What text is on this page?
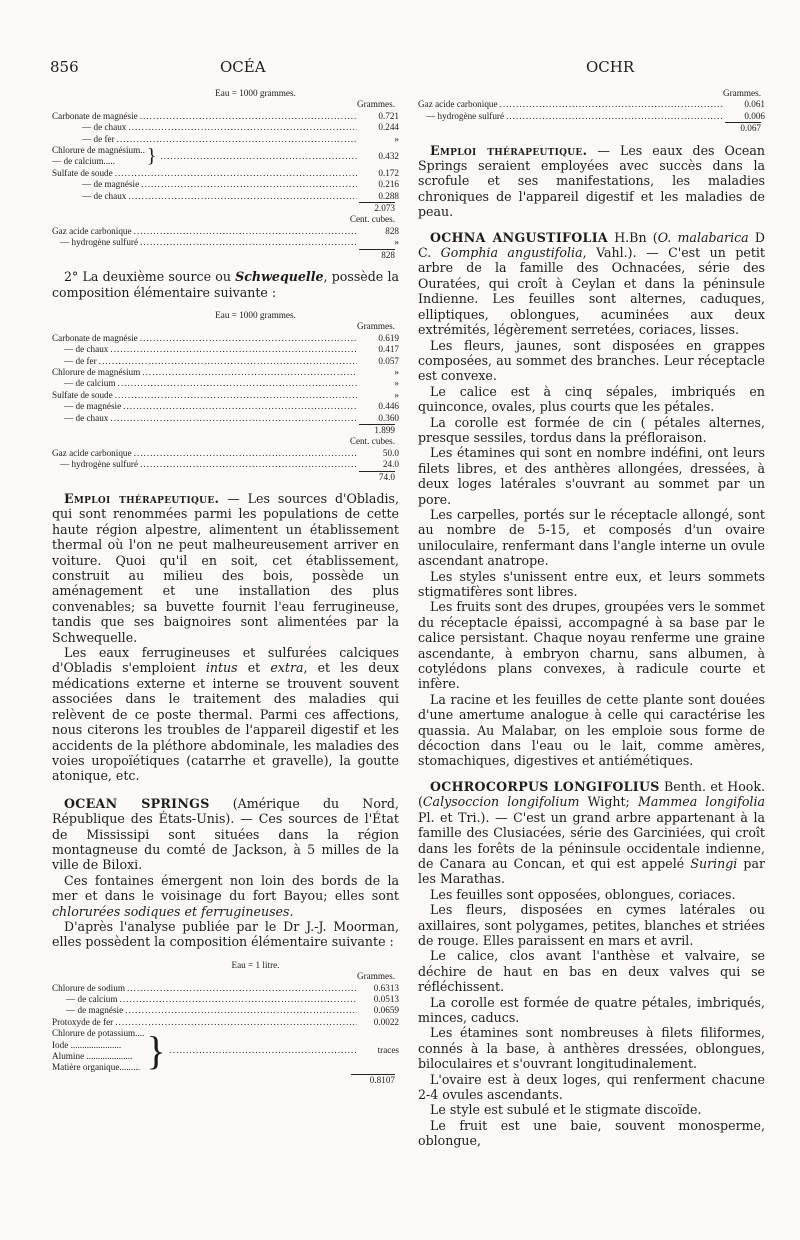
856	OCÉA	OCHR
Eau = 1000 grammes.
Grammes.
Carbonate de magnésie .....	0.721
— de chaux .....	0.244
— de fer .....	»
Chlorure de magnésium..
— de calcium.....	} .....	0.432
Sulfate de soude .....	0.172
— de magnésie .....	0.216
— de chaux .....	0.288
2.073
Cent. cubes.
Gaz acide carbonique .....	828
— hydrogène sulfuré .....	»
828

2° La deuxième source ou Schwequelle, possède la composition élémentaire suivante :

Eau = 1000 grammes.
Grammes.
Carbonate de magnésie .....	0.619
— de chaux .....	0.417
— de fer .....	0.057
Chlorure de magnésium .....	»
— de calcium .....	»
Sulfate de soude .....	»
— de magnésie .....	0.446
— de chaux .....	0.360
1.899
Cent. cubes.
Gaz acide carbonique .....	50.0
— hydrogène sulfuré .....	24.0
74.0

Emploi thérapeutique. — Les sources d'Obladis, qui sont renommées parmi les populations de cette haute région alpestre, alimentent un établissement thermal où l'on ne peut malheureusement arriver en voiture. Quoi qu'il en soit, cet établissement, construit au milieu des bois, possède un aménagement et une installation des plus convenables; sa buvette fournit l'eau ferrugineuse, tandis que ses baignoires sont alimentées par la Schwequelle.

Les eaux ferrugineuses et sulfurées calciques d'Obladis s'emploient intus et extra, et les deux médications externe et interne se trouvent souvent associées dans le traitement des maladies qui relèvent de ce poste thermal. Parmi ces affections, nous citerons les troubles de l'appareil digestif et les accidents de la pléthore abdominale, les maladies des voies uropoïétiques (catarrhe et gravelle), la goutte atonique, etc.

OCEAN SPRINGS (Amérique du Nord, République des États-Unis). — Ces sources de l'État de Mississipi sont situées dans la région montagneuse du comté de Jackson, à 5 milles de la ville de Biloxi.

Ces fontaines émergent non loin des bords de la mer et dans le voisinage du fort Bayou; elles sont chlorurées sodiques et ferrugineuses.

D'après l'analyse publiée par le Dr J.-J. Moorman, elles possèdent la composition élémentaire suivante :

Eau = 1 litre.
Grammes.
Chlorure de sodium .....	0.6313
— de calcium .....	0.0513
— de magnésie .....	0.0659
Protoxyde de fer .....	0.0022
Chlorure de potassium....
Iode ......................
Alumine ....................
Matière organique......... } .....	traces
0.8107
Grammes.
Gaz acide carbonique .....	0.061
— hydrogène sulfuré .....	0.006
0.067

Emploi thérapeutique. — Les eaux des Ocean Springs seraient employées avec succès dans la scrofule et ses manifestations, les maladies chroniques de l'appareil digestif et les maladies de peau.

OCHNA ANGUSTIFOLIA H.Bn (O. malabarica D C. Gomphia angustifolia, Vahl.). — C'est un petit arbre de la famille des Ochnacées, série des Ouratées, qui croît à Ceylan et dans la péninsule Indienne. Les feuilles sont alternes, caduques, elliptiques, oblongues, acuminées aux deux extrémités, légèrement serretées, coriaces, lisses.

Les fleurs, jaunes, sont disposées en grappes composées, au sommet des branches. Leur réceptacle est convexe.

Le calice est à cinq sépales, imbriqués en quinconce, ovales, plus courts que les pétales.

La corolle est formée de cin ( pétales alternes, presque sessiles, tordus dans la préfloraison.

Les étamines qui sont en nombre indéfini, ont leurs filets libres, et des anthères allongées, dressées, à deux loges latérales s'ouvrant au sommet par un pore.

Les carpelles, portés sur le réceptacle allongé, sont au nombre de 5-15, et composés d'un ovaire uniloculaire, renfermant dans l'angle interne un ovule ascendant anatrope.

Les styles s'unissent entre eux, et leurs sommets stigmatifères sont libres.

Les fruits sont des drupes, groupées vers le sommet du réceptacle épaissi, accompagné à sa base par le calice persistant. Chaque noyau renferme une graine ascendante, à embryon charnu, sans albumen, à cotylédons plans convexes, à radicule courte et infère.

La racine et les feuilles de cette plante sont douées d'une amertume analogue à celle qui caractérise les quassia. Au Malabar, on les emploie sous forme de décoction dans l'eau ou le lait, comme amères, stomachiques, digestives et antiémétiques.

OCHROCORPUS LONGIFOLIUS Benth. et Hook. (Calysoccion longifolium Wight; Mammea longifolia Pl. et Tri.). — C'est un grand arbre appartenant à la famille des Clusiacées, série des Garciniées, qui croît dans les forêts de la péninsule occidentale indienne, de Canara au Concan, et qui est appelé Suringi par les Marathas.

Les feuilles sont opposées, oblongues, coriaces.

Les fleurs, disposées en cymes latérales ou axillaires, sont polygames, petites, blanches et striées de rouge. Elles paraissent en mars et avril.

Le calice, clos avant l'anthèse et valvaire, se déchire de haut en bas en deux valves qui se réfléchissent.

La corolle est formée de quatre pétales, imbriqués, minces, caducs.

Les étamines sont nombreuses à filets filiformes, connés à la base, à anthères dressées, oblongues, biloculaires et s'ouvrant longitudinalement.

L'ovaire est à deux loges, qui renferment chacune 2-4 ovules ascendants.

Le style est subulé et le stigmate discoïde.

Le fruit est une baie, souvent monosperme, oblongue,
